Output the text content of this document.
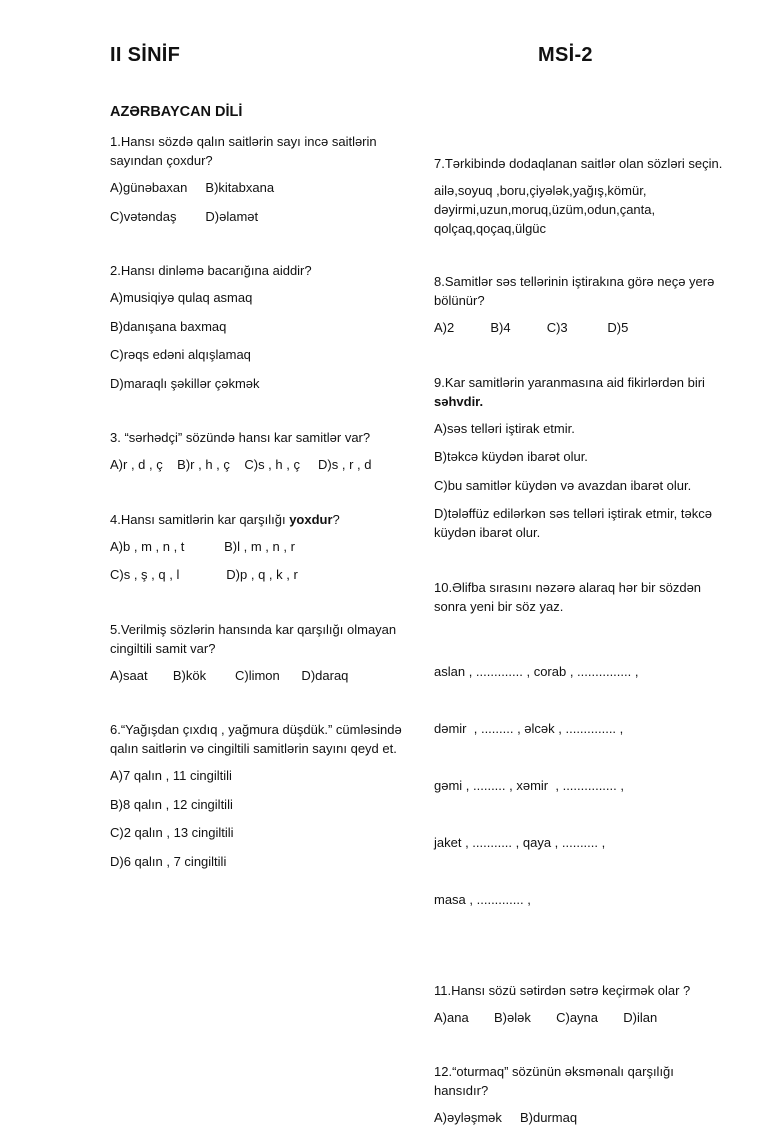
II SİNİF	MSİ-2
AZƏRBAYCAN DİLİ

1.Hansı sözdə qalın saitlərin sayı incə saitlərin sayından çoxdur?

A)günəbaxan     B)kitabxana

C)vətəndaş        D)əlamət

2.Hansı dinləmə bacarığına aiddir?

A)musiqiyə qulaq asmaq

B)danışana baxmaq

C)rəqs edəni alqışlamaq

D)maraqlı şəkillər çəkmək

3. “sərhədçi” sözündə hansı kar samitlər var?

A)r , d , ç    B)r , h , ç    C)s , h , ç     D)s , r , d

4.Hansı samitlərin kar qarşılığı yoxdur?

A)b , m , n , t           B)l , m , n , r

C)s , ş , q , l             D)p , q , k , r

5.Verilmiş sözlərin hansında kar qarşılığı olmayan cingiltili samit var?

A)saat       B)kök        C)limon      D)daraq

6.“Yağışdan çıxdıq , yağmura düşdük.” cümləsində qalın saitlərin və cingiltili samitlərin sayını qeyd et.

A)7 qalın , 11 cingiltili

B)8 qalın , 12 cingiltili

C)2 qalın , 13 cingiltili

D)6 qalın , 7 cingiltili

7.Tərkibində dodaqlanan saitlər olan sözləri seçin.

ailə,soyuq ,boru,çiyələk,yağış,kömür, dəyirmi,uzun,moruq,üzüm,odun,çanta, qolçaq,qoçaq,ülgüc

8.Samitlər səs tellərinin iştirakına görə neçə yerə bölünür?

A)2          B)4          C)3           D)5

9.Kar samitlərin yaranmasına aid fikirlərdən biri səhvdir.

A)səs telləri iştirak etmir.

B)təkcə küydən ibarət olur.

C)bu samitlər küydən və avazdan ibarət olur.

D)tələffüz edilərkən səs telləri iştirak etmir, təkcə küydən ibarət olur.

10.Əlifba sırasını nəzərə alaraq hər bir sözdən sonra yeni bir söz yaz.

aslan , ............. , corab , ............... ,

dəmir  , ......... , əlcək , .............. ,

gəmi , ......... , xəmir  , ............... ,

jaket , ........... , qaya , .......... ,

masa , ............. ,

11.Hansı sözü sətirdən sətrə keçirmək olar ?

A)ana       B)ələk       C)ayna       D)ilan

12.“oturmaq” sözünün əksmənalı qarşılığı hansıdır?

A)əyləşmək     B)durmaq
